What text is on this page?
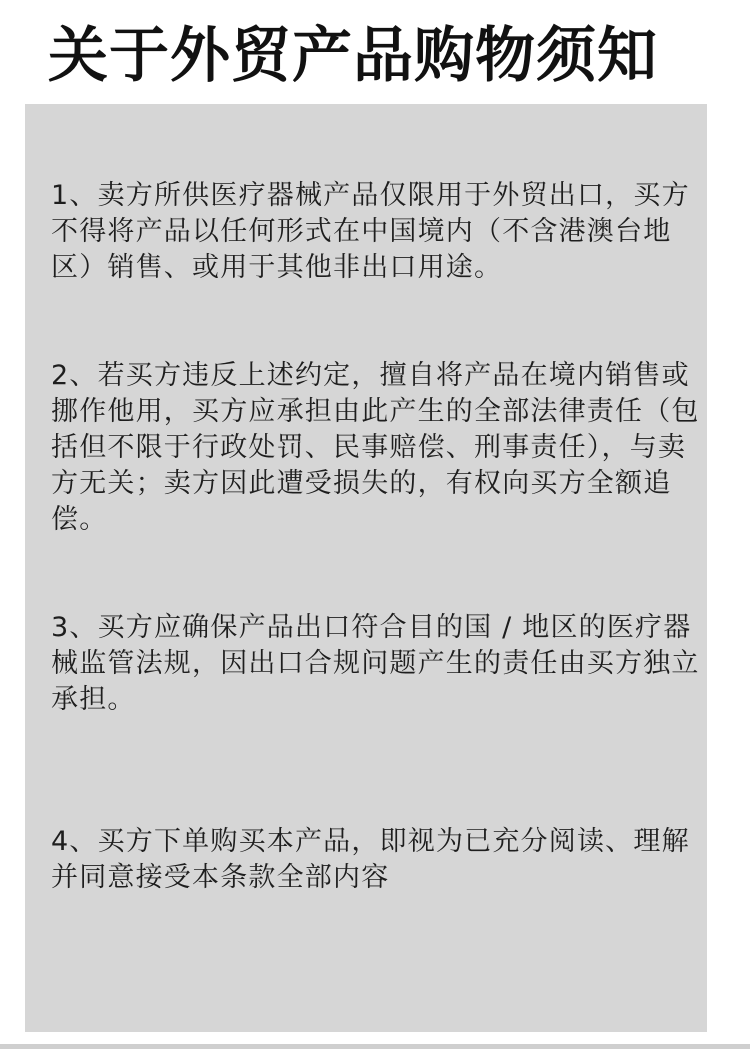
关于外贸产品购物须知

1、卖方所供医疗器械产品仅限用于外贸出口，买方不得将产品以任何形式在中国境内（不含港澳台地区）销售、或用于其他非出口用途。

2、若买方违反上述约定，擅自将产品在境内销售或挪作他用，买方应承担由此产生的全部法律责任（包括但不限于行政处罚、民事赔偿、刑事责任），与卖方无关；卖方因此遭受损失的，有权向买方全额追偿。

3、买方应确保产品出口符合目的国 / 地区的医疗器械监管法规，因出口合规问题产生的责任由买方独立承担。

4、买方下单购买本产品，即视为已充分阅读、理解并同意接受本条款全部内容
